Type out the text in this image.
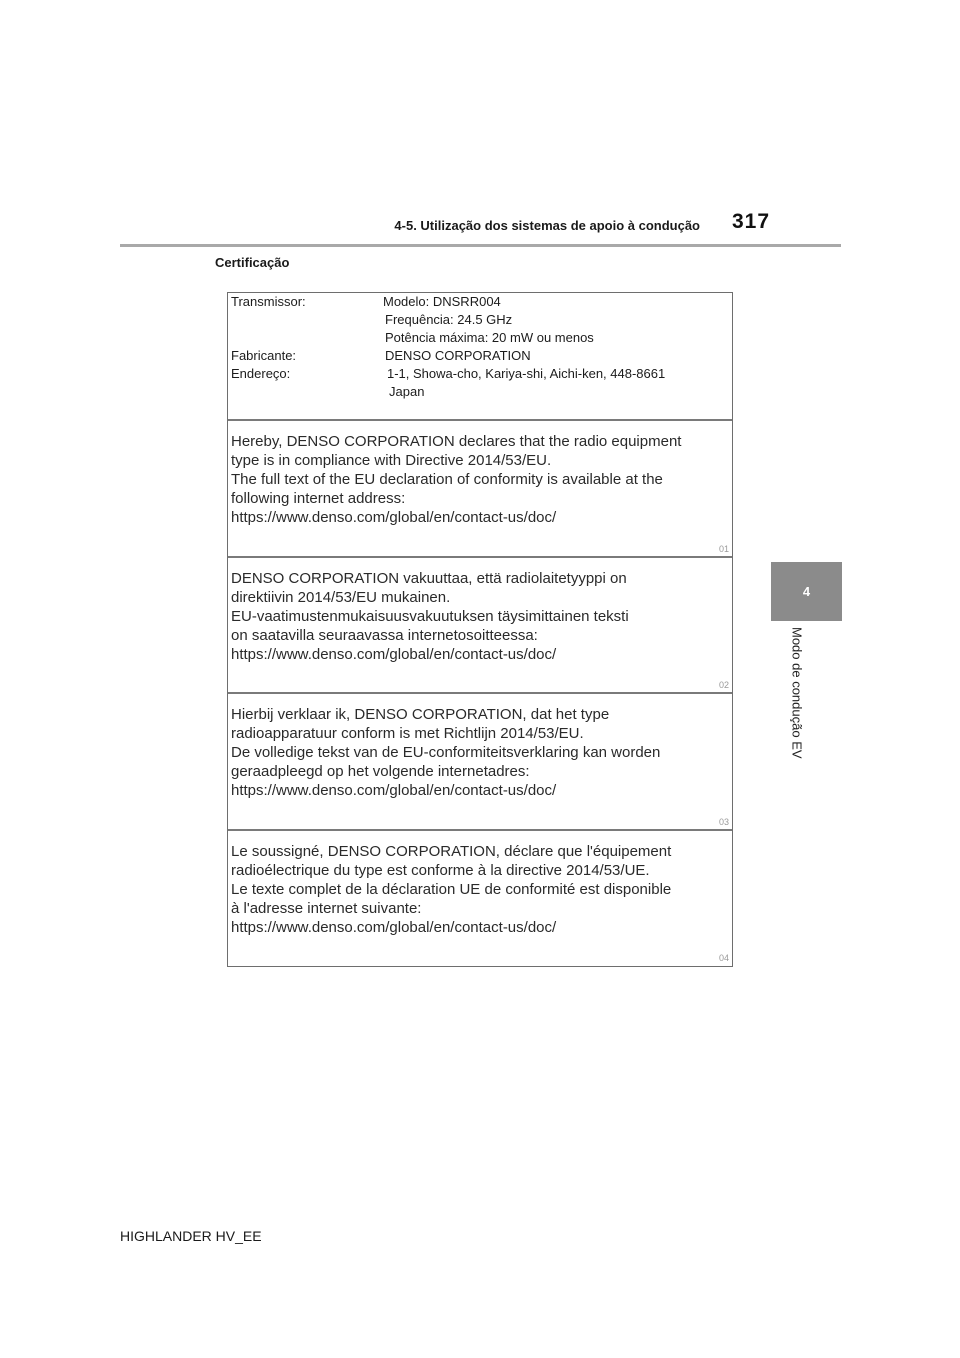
4-5. Utilização dos sistemas de apoio à condução 317
Certificação
4
Modo de condução EV
Transmissor:	Modelo: DNSRR004
Frequência: 24.5 GHz
Potência máxima: 20 mW ou menos
Fabricante:	DENSO CORPORATION
Endereço:	1-1, Showa-cho, Kariya-shi, Aichi-ken, 448-8661
Japan
Hereby, DENSO CORPORATION declares that the radio equipment
type is in compliance with Directive 2014/53/EU.
The full text of the EU declaration of conformity is available at the
following internet address:
https://www.denso.com/global/en/contact-us/doc/
01
DENSO CORPORATION vakuuttaa, että radiolaitetyyppi on
direktiivin 2014/53/EU mukainen.
EU-vaatimustenmukaisuusvakuutuksen täysimittainen teksti
on saatavilla seuraavassa internetosoitteessa:
https://www.denso.com/global/en/contact-us/doc/
02
Hierbij verklaar ik, DENSO CORPORATION, dat het type
radioapparatuur conform is met Richtlijn 2014/53/EU.
De volledige tekst van de EU-conformiteitsverklaring kan worden
geraadpleegd op het volgende internetadres:
https://www.denso.com/global/en/contact-us/doc/
03
Le soussigné, DENSO CORPORATION, déclare que l'équipement
radioélectrique du type est conforme à la directive 2014/53/UE.
Le texte complet de la déclaration UE de conformité est disponible
à l'adresse internet suivante:
https://www.denso.com/global/en/contact-us/doc/
04
HIGHLANDER HV_EE
